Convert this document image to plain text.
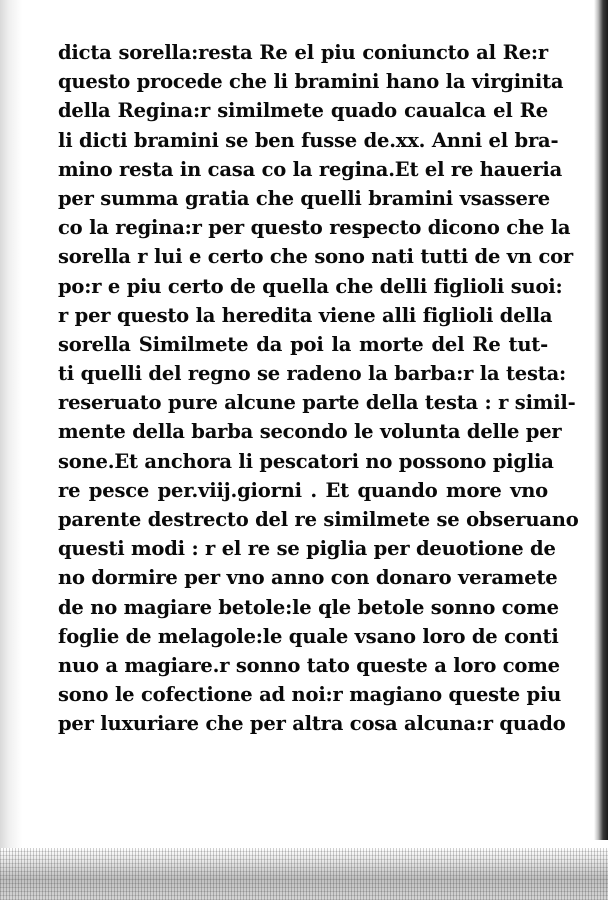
dicta sorella:resta Re el piu coniuncto al Re:r
questo procede che li bramini hano la virginita
della Regina:r similmete quado caualca el Re
li dicti bramini se ben fusse de.xx. Anni el bra-
mino resta in casa co la regina.Et el re haueria
per summa gratia che quelli bramini vsassere
co la regina:r per questo respecto dicono che la
sorella r lui e certo che sono nati tutti de vn cor
po:r e piu certo de quella che delli figlioli suoi:
r per questo la heredita viene alli figlioli della
sorella Similmete da poi la morte del Re tut-
ti quelli del regno se radeno la barba:r la testa:
reseruato pure alcune parte della testa : r simil-
mente della barba secondo le volunta delle per
sone.Et anchora li pescatori no possono piglia
re pesce per.viij.giorni . Et quando more vno
parente destrecto del re similmete se obseruano
questi modi : r el re se piglia per deuotione de
no dormire per vno anno con donaro veramete
de no magiare betole:le qle betole sonno come
foglie de melagole:le quale vsano loro de conti
nuo a magiare.r sonno tato queste a loro come
sono le cofectione ad noi:r magiano queste piu
per luxuriare che per altra cosa alcuna:r quado
